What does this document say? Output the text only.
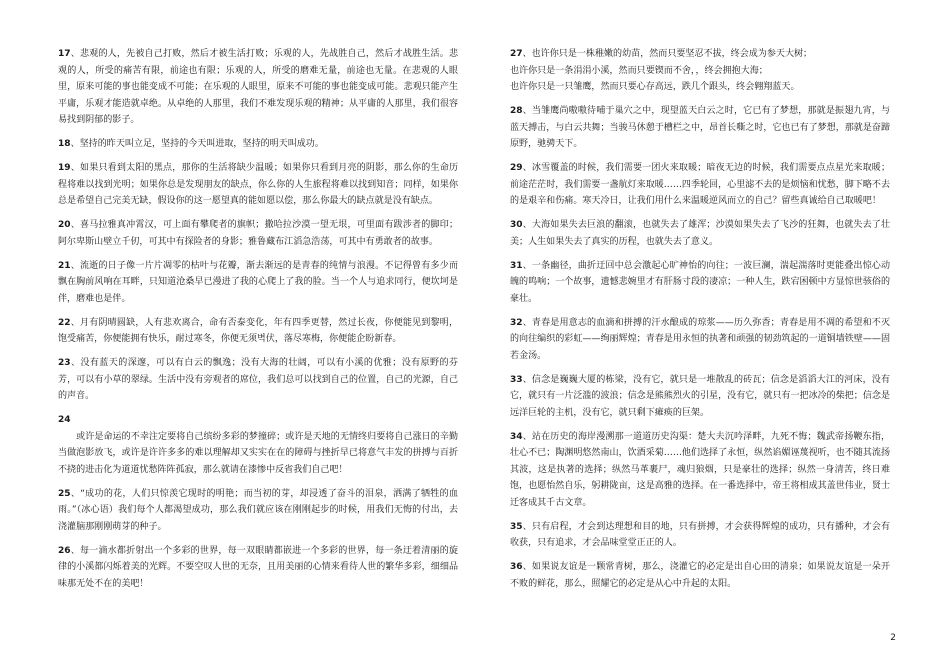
17、悲观的人，先被自己打败，然后才被生活打败；乐观的人，先战胜自己，然后才战胜生活。悲观的人，所受的痛苦有限，前途也有限；乐观的人，所受的磨难无量，前途也无量。在悲观的人眼里，原来可能的事也能变成不可能；在乐观的人眼里，原来不可能的事也能变成可能。悲观只能产生平庸，乐观才能造就卓绝。从卓绝的人那里，我们不难发现乐观的精神；从平庸的人那里，我们很容易找到阴郁的影子。

18、坚持的昨天叫立足，坚持的今天叫进取，坚持的明天叫成功。

19、如果只看到太阳的黑点，那你的生活将缺少温暖；如果你只看到月亮的阴影，那么你的生命历程将难以找到光明；如果你总是发现朋友的缺点，你么你的人生旅程将难以找到知音；同样，如果你总是希望自己完美无缺，假设你的这一愿望真的能如愿以偿，那么你最大的缺点就是没有缺点。

20、喜马拉雅真冲霄汉，可上面有攀爬者的旗帜；撒哈拉沙漠一望无垠，可里面有跋涉者的脚印；阿尔卑斯山壁立千仞，可其中有探险者的身影；雅鲁藏布江滔急浩荡，可其中有勇敢者的故事。

21、流逝的日子像一片片凋零的枯叶与花瓣，渐去渐远的是青春的纯情与浪漫。不记得曾有多少而飘在胸前风响在耳畔，只知道沧桑早已漫进了我的心爬上了我的脸。当一个人与追求同行，便坎坷是伴，磨难也是伴。

22、月有阴晴圆缺，人有悲欢离合，命有否泰变化，年有四季更替，然过长夜，你便能见到黎明，饱受痛苦，你便能拥有快乐，耐过寒冬，你便无须벽伏，落尽寒梅，你便能企盼新春。

23、没有蓝天的深邃，可以有白云的飘逸；没有大海的壮阔，可以有小溪的优雅；没有原野的芬芳，可以有小草的翠绿。生活中没有旁观者的席位，我们总可以找到自己的位置，自己的光源，自己的声音。

24
　　或许是命运的不幸注定要将自己缤纷多彩的梦撞碎；或许是天地的无情终归要将自己涨日的辛勤当做泡影放飞，或许是许许多多的难以理解却又实实在在的障碍与挫折早已将意气丰发的拼搏与百折不挠的进击化为道道忧愁阵阵孤寂，那么就请在漆惨中反省我们自己吧！

25、“成功的花，人们只惊羡它现时的明艳；而当初的芽，却浸透了奋斗的泪泉，洒满了牺牲的血雨。”（冰心语）我们每个人都渴望成功，那么我们就应该在刚刚起步的时候，用我们无悔的付出，去浇灌脑那刚刚萌芽的种子。

26、每一滴水都折射出一个多彩的世界，每一双眼睛都嵌进一个多彩的世界，每一条迂着清丽的旋律的小溪都闪烁着美的光辉。不要空叹人世的无奈，且用美丽的心情来看待人世的繁华多彩，细细品味那无处不在的美吧！

27、也许你只是一株稚嫩的幼苗，然而只要坚忍不拔，终会成为参天大树；
也许你只是一条涓涓小溪，然而只要锲而不舍，，终会拥抱大海；
也许你只是一只雏鹰，然而只要心存高远，跌几个跟头，终会翱翔蓝天。

28、当雏鹰尚嗷嗷待哺于巢穴之中，现望蓝天白云之时，它已有了梦想，那就是振翅九宵，与蓝天搏击，与白云共舞；当骏马休憩于槽栏之中，昂首长嘶之时，它也已有了梦想，那就是奋蹄原野，驰骋天下。

29、冰雪覆盖的时候，我们需要一团火来取暖；暗夜无边的时候，我们需要点点星光来取暖；前途茫茫时，我们需要一盏航灯来取暖……四季轮回，心里滤不去的是烦恼和忧愁，脚下略不去的是艰辛和伤痛。寒天冷日，让我们用什么来温暖逆风而立的自己？留些真诚给自己取暖吧！

30、大海如果失去巨浪的翻滚，也就失去了雄浑；沙漠如果失去了飞沙的狂舞，也就失去了壮美；人生如果失去了真实的历程，也就失去了意义。

31、一条幽径，曲折迂回中总会激起心旷神怡的向往；一波巨澜，湍起湍落时更能叠出惊心动魄的鸣响；一个故事，遗憾悲婉里才有肝肠寸段的凄凉；一种人生，跌宕困顿中方显惊世骇俗的豪壮。

32、青春是用意志的血滴和拼搏的汗水酿成的琼浆——历久弥香；青春是用不凋的希望和不灭的向往编织的彩虹——绚丽辉煌；青春是用永恒的执著和顽强的韧劲筑起的一道铜墙铁壁——固若金汤。

33、信念是巍巍大厦的栋梁，没有它，就只是一堆散乱的砖瓦；信念是滔滔大江的河床，没有它，就只有一片泛滥的波浪；信念是熊熊烈火的引星，没有它，就只有一把冰冷的柴把；信念是远洋巨轮的主机，没有它，就只剩下瘫痪的巨架。

34、站在历史的海岸漫溯那一道道历史沟渠：楚大夫沉吟泽畔，九死不悔；魏武帝扬鞭东指，壮心不已；陶渊明悠然南山，饮酒采菊……他们选择了永恒，纵然谄媚诬蔑视听，也不随其流扬其波，这是执著的选择；纵然马革裹尸，魂归狼烟，只是豪壮的选择；纵然一身清苦，终日难饱，也愿怡然自乐，躬耕陇亩，这是高雅的选择。在一番选择中，帝王将相成其盖世伟业，贤士迁客成其千古文章。

35、只有启程，才会到达理想和目的地，只有拼搏，才会获得辉煌的成功，只有播种，才会有收获，只有追求，才会品味堂堂正正的人。

36、如果说友谊是一颗常青树，那么，浇灌它的必定是出自心田的清泉；如果说友谊是一朵开不败的鲜花，那么，照耀它的必定是从心中升起的太阳。

2
